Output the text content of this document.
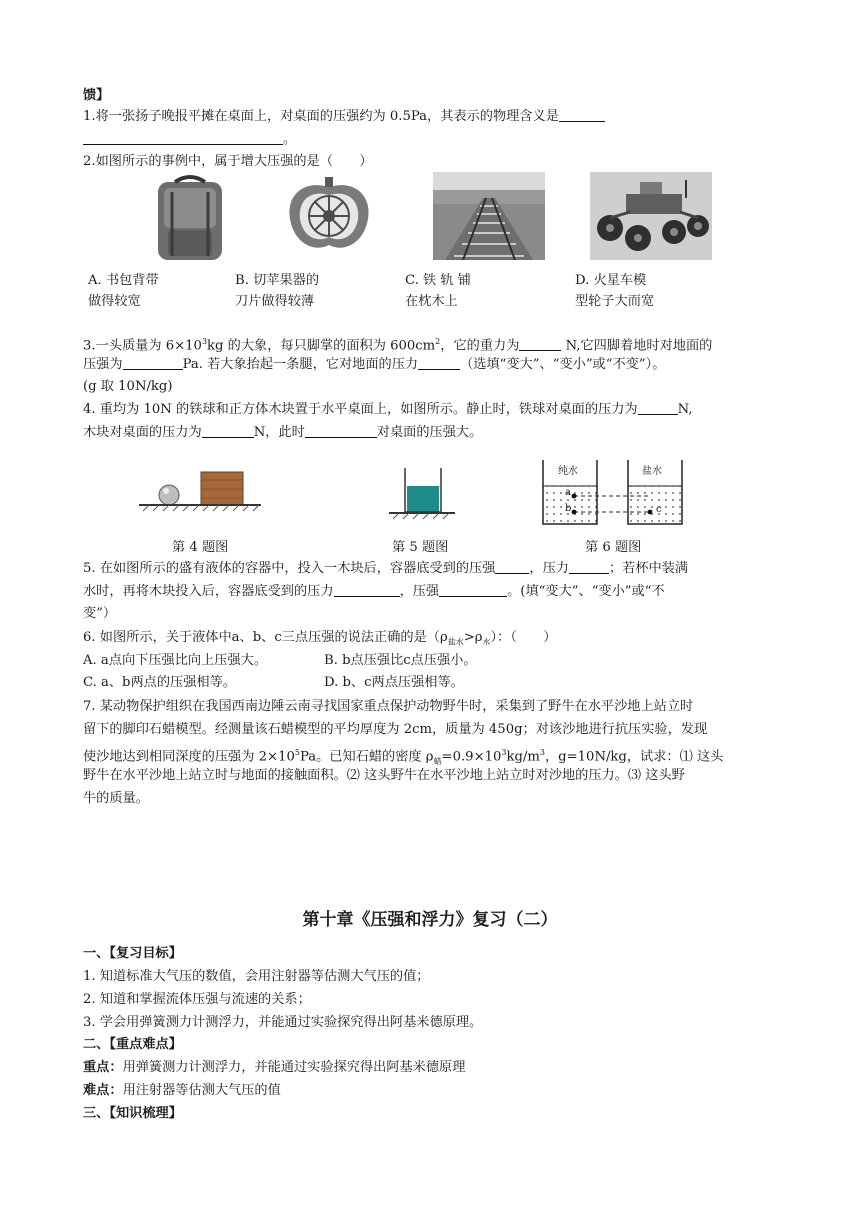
馈】
1.将一张扬子晚报平摊在桌面上，对桌面的压强约为 0.5Pa，其表示的物理含义是
。
2.如图所示的事例中，属于增大压强的是（　　）
A. 书包背带
做得较宽
B. 切苹果器的
刀片做得较薄
C. 铁 轨 铺
在枕木上
D. 火星车模
型轮子大而宽
3.一头质量为 $6\times 10^3kg$ 的大象，每只脚掌的面积为 $600cm^2$，它的重力为	N,它四脚着地时对地面的
压强为	Pa. 若大象抬起一条腿，它对地面的压力	（选填“变大”、“变小”或“不变”）。
(g 取 10N/kg)
4. 重均为 10N 的铁球和正方体木块置于水平桌面上，如图所示。静止时，铁球对桌面的压力为	N,
木块对桌面的压力为	N，此时	对桌面的压强大。
纯水	盐水
a
b	c
第 4 题图	第 5 题图	第 6 题图
5. 在如图所示的盛有液体的容器中，投入一木块后，容器底受到的压强	，压力	；若杯中装满
水时，再将木块投入后，容器底受到的压力	，压强	。(填“变大”、“变小”或“不
变”）
6. 如图所示，关于液体中a、b、c三点压强的说法正确的是$(\rho_{盐水}>\rho_水)$：（　　）
A. a点向下压强比向上压强大。	B. b点压强比c点压强小。
C. a、b两点的压强相等。	D. b、c两点压强相等。
7. 某动物保护组织在我国西南边陲云南寻找国家重点保护动物野牛时，采集到了野牛在水平沙地上站立时
留下的脚印石蜡模型。经测量该石蜡模型的平均厚度为 2cm，质量为 450g；对该沙地进行抗压实验，发现
使沙地达到相同深度的压强为 $2\times 10^5Pa$。已知石蜡的密度 $\rho_蜡=0.9\times 10^3kg/m^3$，g=10N/kg，试求：⑴ 这头
野牛在水平沙地上站立时与地面的接触面积。⑵ 这头野牛在水平沙地上站立时对沙地的压力。⑶ 这头野
牛的质量。
第十章《压强和浮力》复习（二）
一、【复习目标】
1. 知道标准大气压的数值，会用注射器等估测大气压的值；
2. 知道和掌握流体压强与流速的关系；
3. 学会用弹簧测力计测浮力，并能通过实验探究得出阿基米德原理。
二、【重点难点】
重点：用弹簧测力计测浮力，并能通过实验探究得出阿基米德原理
难点：用注射器等估测大气压的值
三、【知识梳理】
